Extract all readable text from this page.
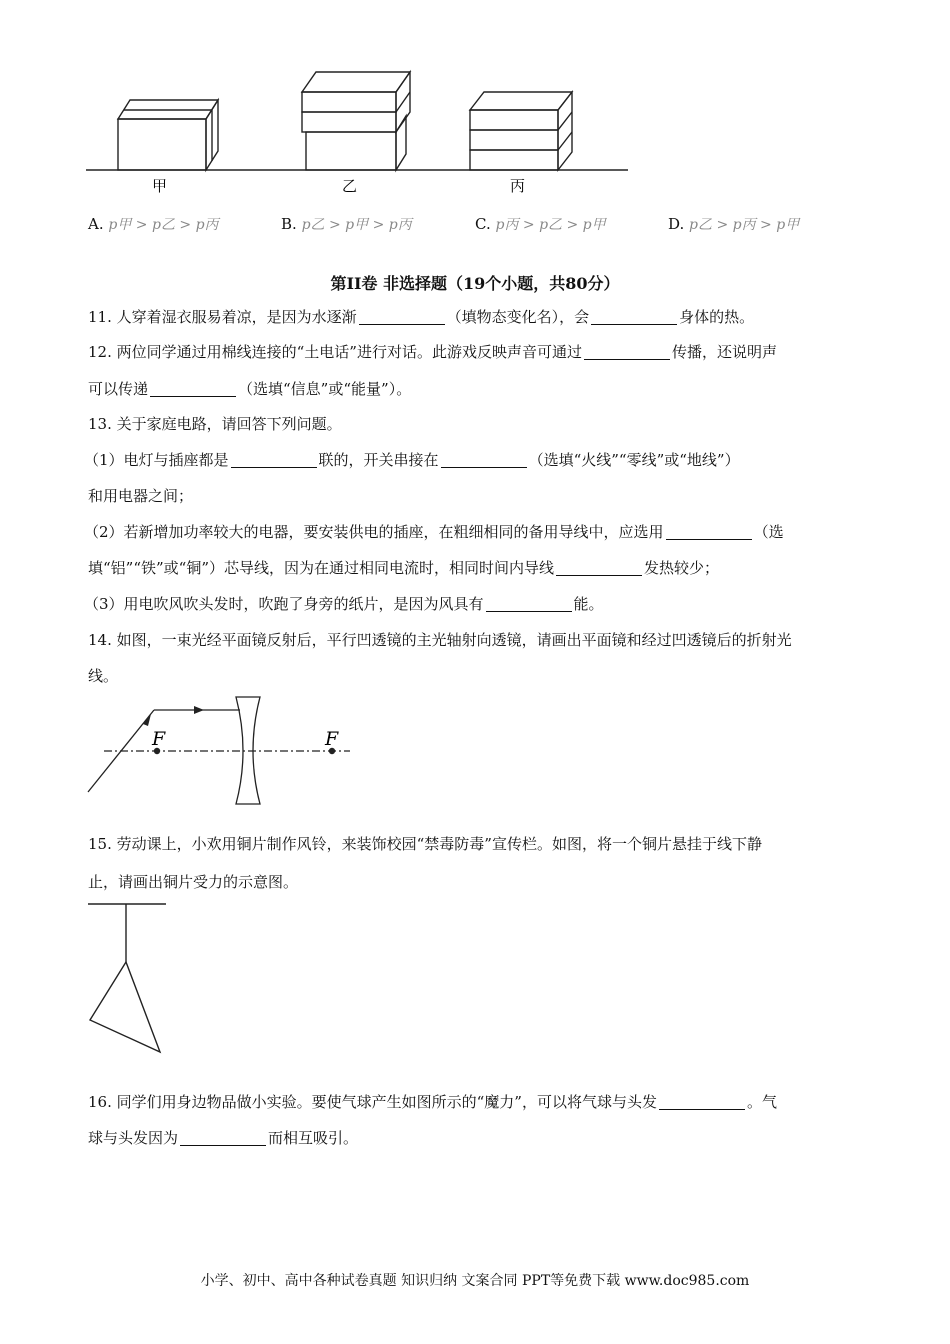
甲	乙	丙
A. p甲 > p乙 > p丙	B. p乙 > p甲 > p丙	C. p丙 > p乙 > p甲	D. p乙 > p丙 > p甲
第II卷 非选择题（19个小题，共80分）
11. 人穿着湿衣服易着凉，是因为水逐渐	（填物态变化名），会	身体的热。
12. 两位同学通过用棉线连接的“土电话”进行对话。此游戏反映声音可通过	传播，还说明声
可以传递	（选填“信息”或“能量”）。
13. 关于家庭电路，请回答下列问题。
（1）电灯与插座都是	联的，开关串接在	（选填“火线”“零线”或“地线”）
和用电器之间；
（2）若新增加功率较大的电器，要安装供电的插座，在粗细相同的备用导线中，应选用	（选
填“铝”“铁”或“铜”）芯导线，因为在通过相同电流时，相同时间内导线	发热较少；
（3）用电吹风吹头发时，吹跑了身旁的纸片，是因为风具有	能。
14. 如图，一束光经平面镜反射后，平行凹透镜的主光轴射向透镜，请画出平面镜和经过凹透镜后的折射光
线。
F	F
15. 劳动课上，小欢用铜片制作风铃，来装饰校园“禁毒防毒”宣传栏。如图，将一个铜片悬挂于线下静
止，请画出铜片受力的示意图。
16. 同学们用身边物品做小实验。要使气球产生如图所示的“魔力”，可以将气球与头发	。气
球与头发因为	而相互吸引。
小学、初中、高中各种试卷真题 知识归纳 文案合同 PPT等免费下载 www.doc985.com
